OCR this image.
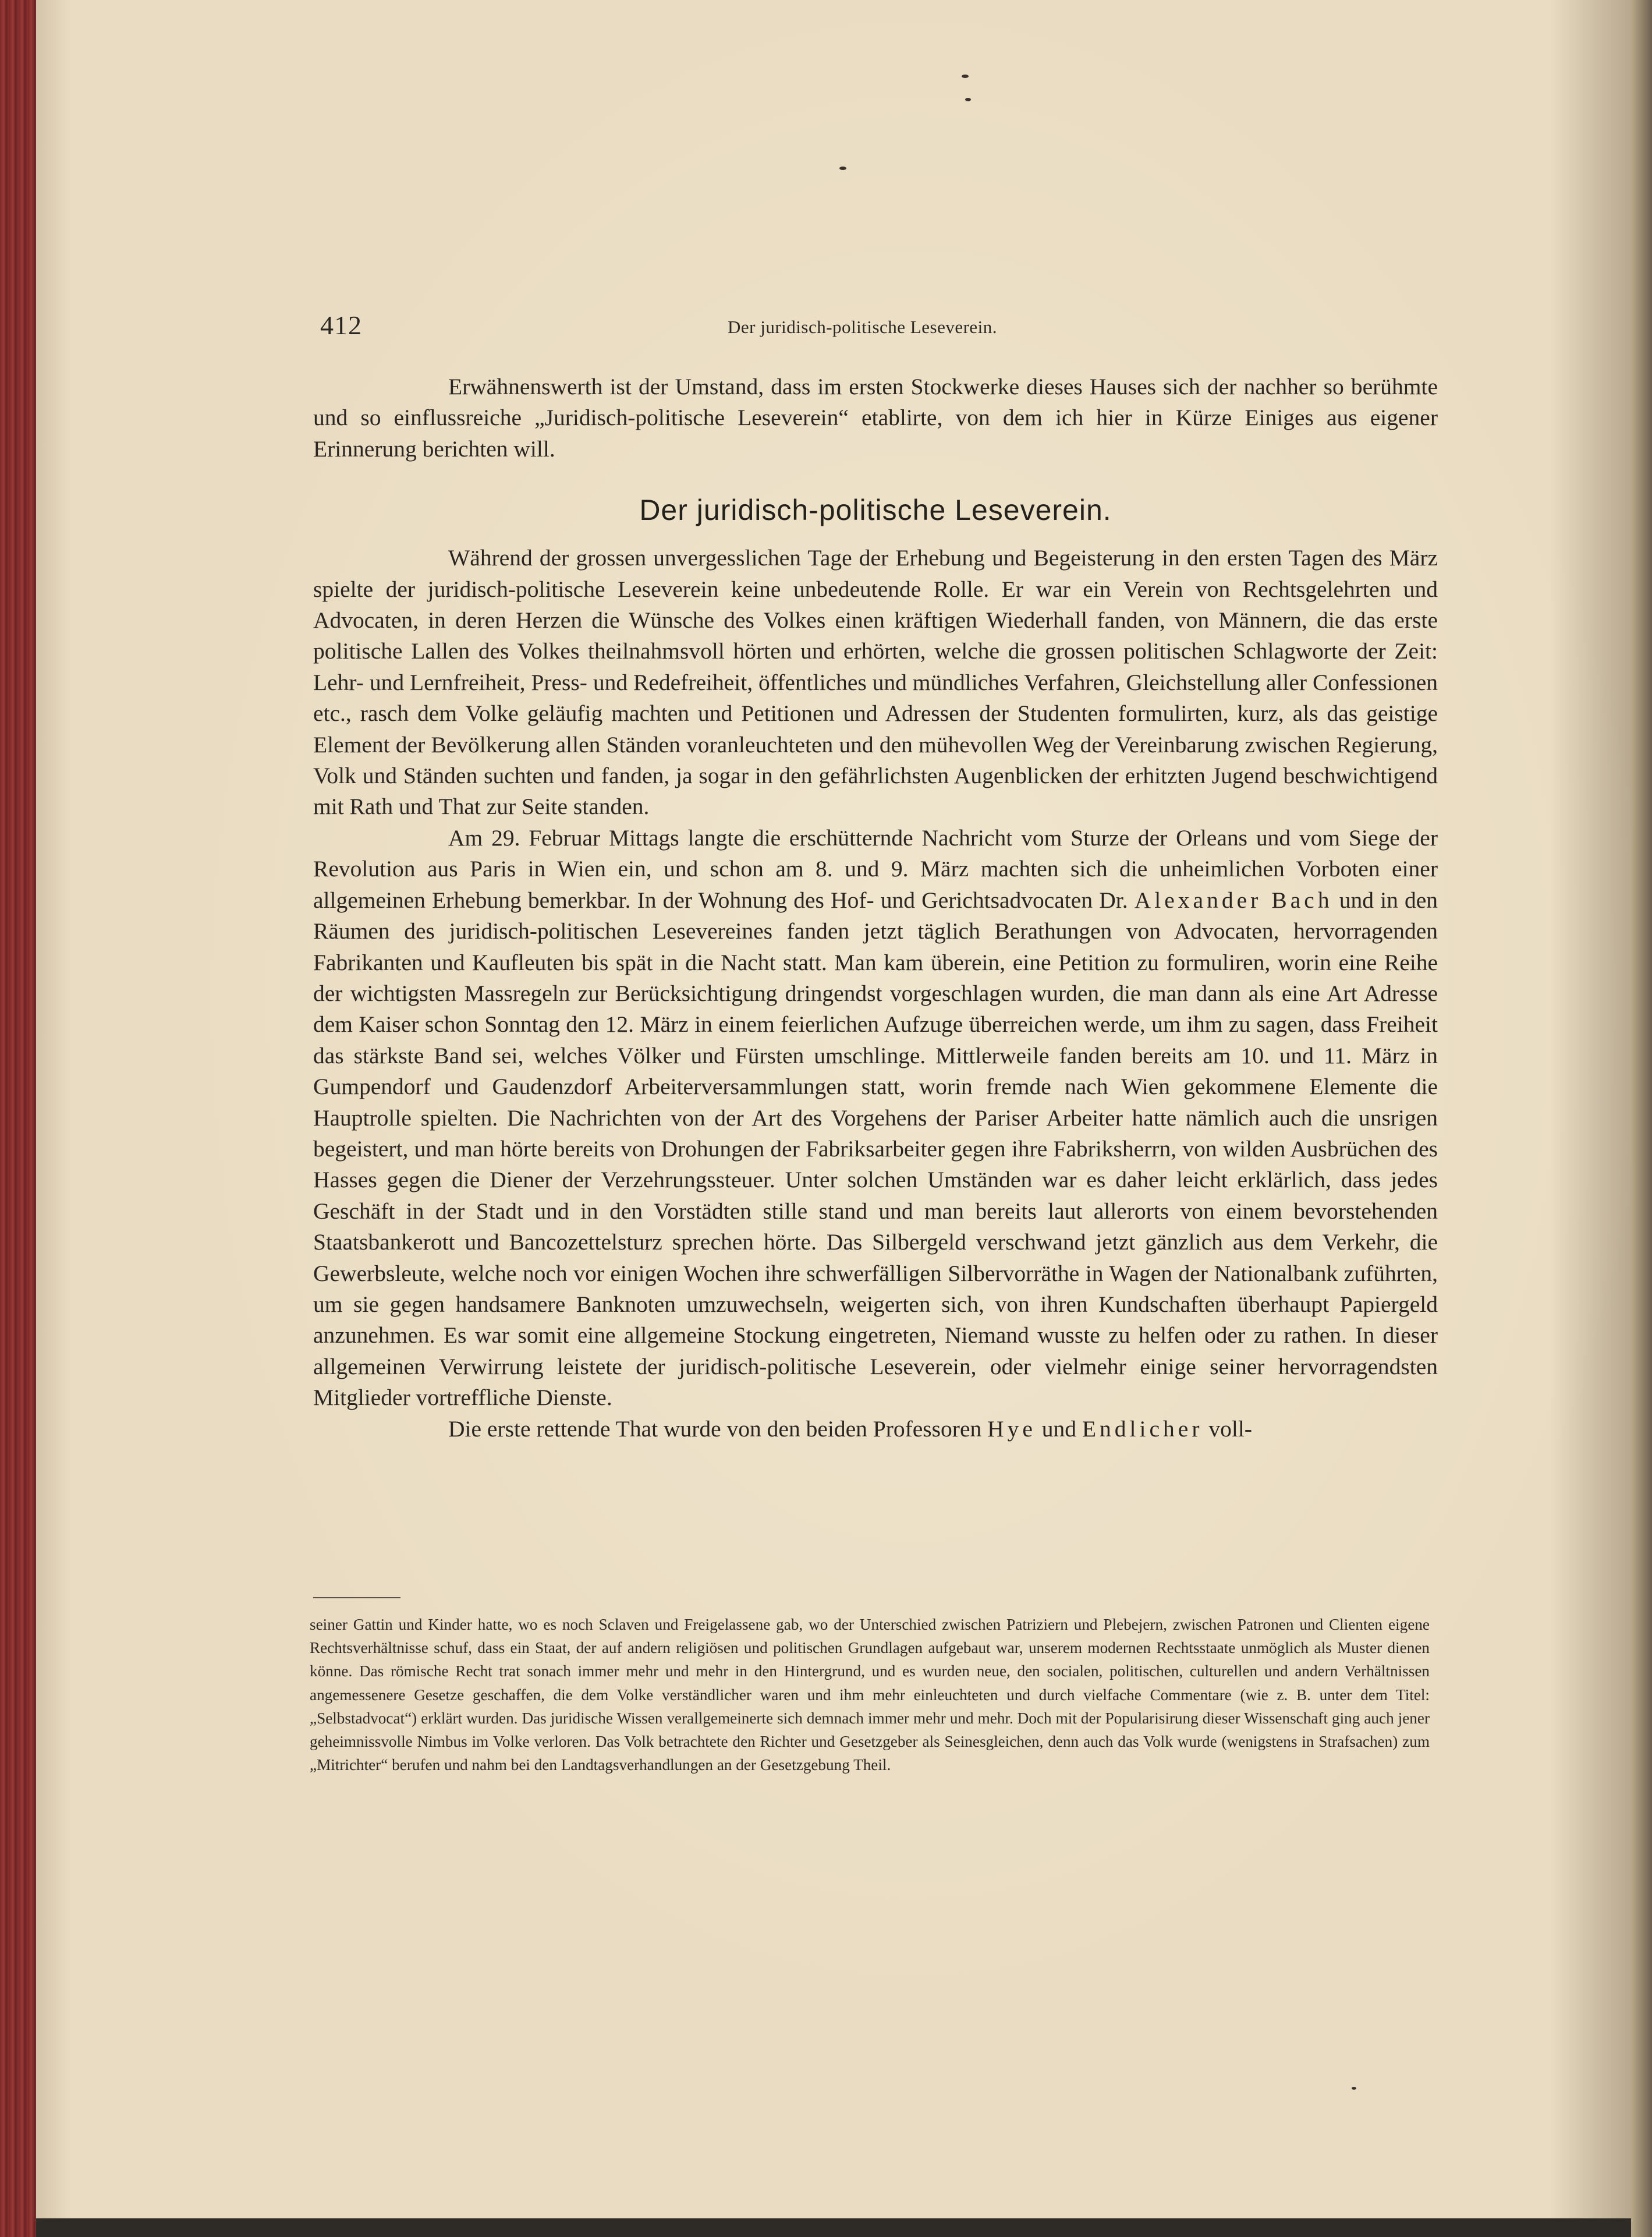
412	Der juridisch-politische Leseverein.

Erwähnenswerth ist der Umstand, dass im ersten Stockwerke dieses Hauses sich der nachher so berühmte und so einflussreiche „Juridisch-politische Leseverein“ etablirte, von dem ich hier in Kürze Einiges aus eigener Erinnerung berichten will.

Der juridisch-politische Leseverein.

Während der grossen unvergesslichen Tage der Erhebung und Begeisterung in den ersten Tagen des März spielte der juridisch-politische Leseverein keine unbedeutende Rolle. Er war ein Verein von Rechtsgelehrten und Advocaten, in deren Herzen die Wünsche des Volkes einen kräftigen Wiederhall fanden, von Männern, die das erste politische Lallen des Volkes theilnahmsvoll hörten und erhörten, welche die grossen politischen Schlagworte der Zeit: Lehr- und Lernfreiheit, Press- und Redefreiheit, öffentliches und mündliches Verfahren, Gleichstellung aller Confessionen etc., rasch dem Volke geläufig machten und Petitionen und Adressen der Studenten formulirten, kurz, als das geistige Element der Bevölkerung allen Ständen voranleuchteten und den mühevollen Weg der Vereinbarung zwischen Regierung, Volk und Ständen suchten und fanden, ja sogar in den gefährlichsten Augenblicken der erhitzten Jugend beschwichtigend mit Rath und That zur Seite standen.

Am 29. Februar Mittags langte die erschütternde Nachricht vom Sturze der Orleans und vom Siege der Revolution aus Paris in Wien ein, und schon am 8. und 9. März machten sich die unheimlichen Vorboten einer allgemeinen Erhebung bemerkbar. In der Wohnung des Hof- und Gerichtsadvocaten Dr. Alexander Bach und in den Räumen des juridisch-politischen Lesevereines fanden jetzt täglich Berathungen von Advocaten, hervorragenden Fabrikanten und Kaufleuten bis spät in die Nacht statt. Man kam überein, eine Petition zu formuliren, worin eine Reihe der wichtigsten Massregeln zur Berücksichtigung dringendst vorgeschlagen wurden, die man dann als eine Art Adresse dem Kaiser schon Sonntag den 12. März in einem feierlichen Aufzuge überreichen werde, um ihm zu sagen, dass Freiheit das stärkste Band sei, welches Völker und Fürsten umschlinge. Mittlerweile fanden bereits am 10. und 11. März in Gumpendorf und Gaudenzdorf Arbeiterversammlungen statt, worin fremde nach Wien gekommene Elemente die Hauptrolle spielten. Die Nachrichten von der Art des Vorgehens der Pariser Arbeiter hatte nämlich auch die unsrigen begeistert, und man hörte bereits von Drohungen der Fabriksarbeiter gegen ihre Fabriksherrn, von wilden Ausbrüchen des Hasses gegen die Diener der Verzehrungssteuer. Unter solchen Umständen war es daher leicht erklärlich, dass jedes Geschäft in der Stadt und in den Vorstädten stille stand und man bereits laut allerorts von einem bevorstehenden Staatsbankerott und Bancozettelsturz sprechen hörte. Das Silbergeld verschwand jetzt gänzlich aus dem Verkehr, die Gewerbsleute, welche noch vor einigen Wochen ihre schwerfälligen Silbervorräthe in Wagen der Nationalbank zuführten, um sie gegen handsamere Banknoten umzuwechseln, weigerten sich, von ihren Kundschaften überhaupt Papiergeld anzunehmen. Es war somit eine allgemeine Stockung eingetreten, Niemand wusste zu helfen oder zu rathen. In dieser allgemeinen Verwirrung leistete der juridisch-politische Leseverein, oder vielmehr einige seiner hervorragendsten Mitglieder vortreffliche Dienste.

Die erste rettende That wurde von den beiden Professoren Hye und Endlicher voll-

seiner Gattin und Kinder hatte, wo es noch Sclaven und Freigelassene gab, wo der Unterschied zwischen Patriziern und Plebejern, zwischen Patronen und Clienten eigene Rechtsverhältnisse schuf, dass ein Staat, der auf andern religiösen und politischen Grundlagen aufgebaut war, unserem modernen Rechtsstaate unmöglich als Muster dienen könne. Das römische Recht trat sonach immer mehr und mehr in den Hintergrund, und es wurden neue, den socialen, politischen, culturellen und andern Verhältnissen angemessenere Gesetze geschaffen, die dem Volke verständlicher waren und ihm mehr einleuchteten und durch vielfache Commentare (wie z. B. unter dem Titel: „Selbstadvocat“) erklärt wurden. Das juridische Wissen verallgemeinerte sich demnach immer mehr und mehr. Doch mit der Popularisirung dieser Wissenschaft ging auch jener geheimnissvolle Nimbus im Volke verloren. Das Volk betrachtete den Richter und Gesetzgeber als Seinesgleichen, denn auch das Volk wurde (wenigstens in Strafsachen) zum „Mitrichter“ berufen und nahm bei den Landtagsverhandlungen an der Gesetzgebung Theil.
